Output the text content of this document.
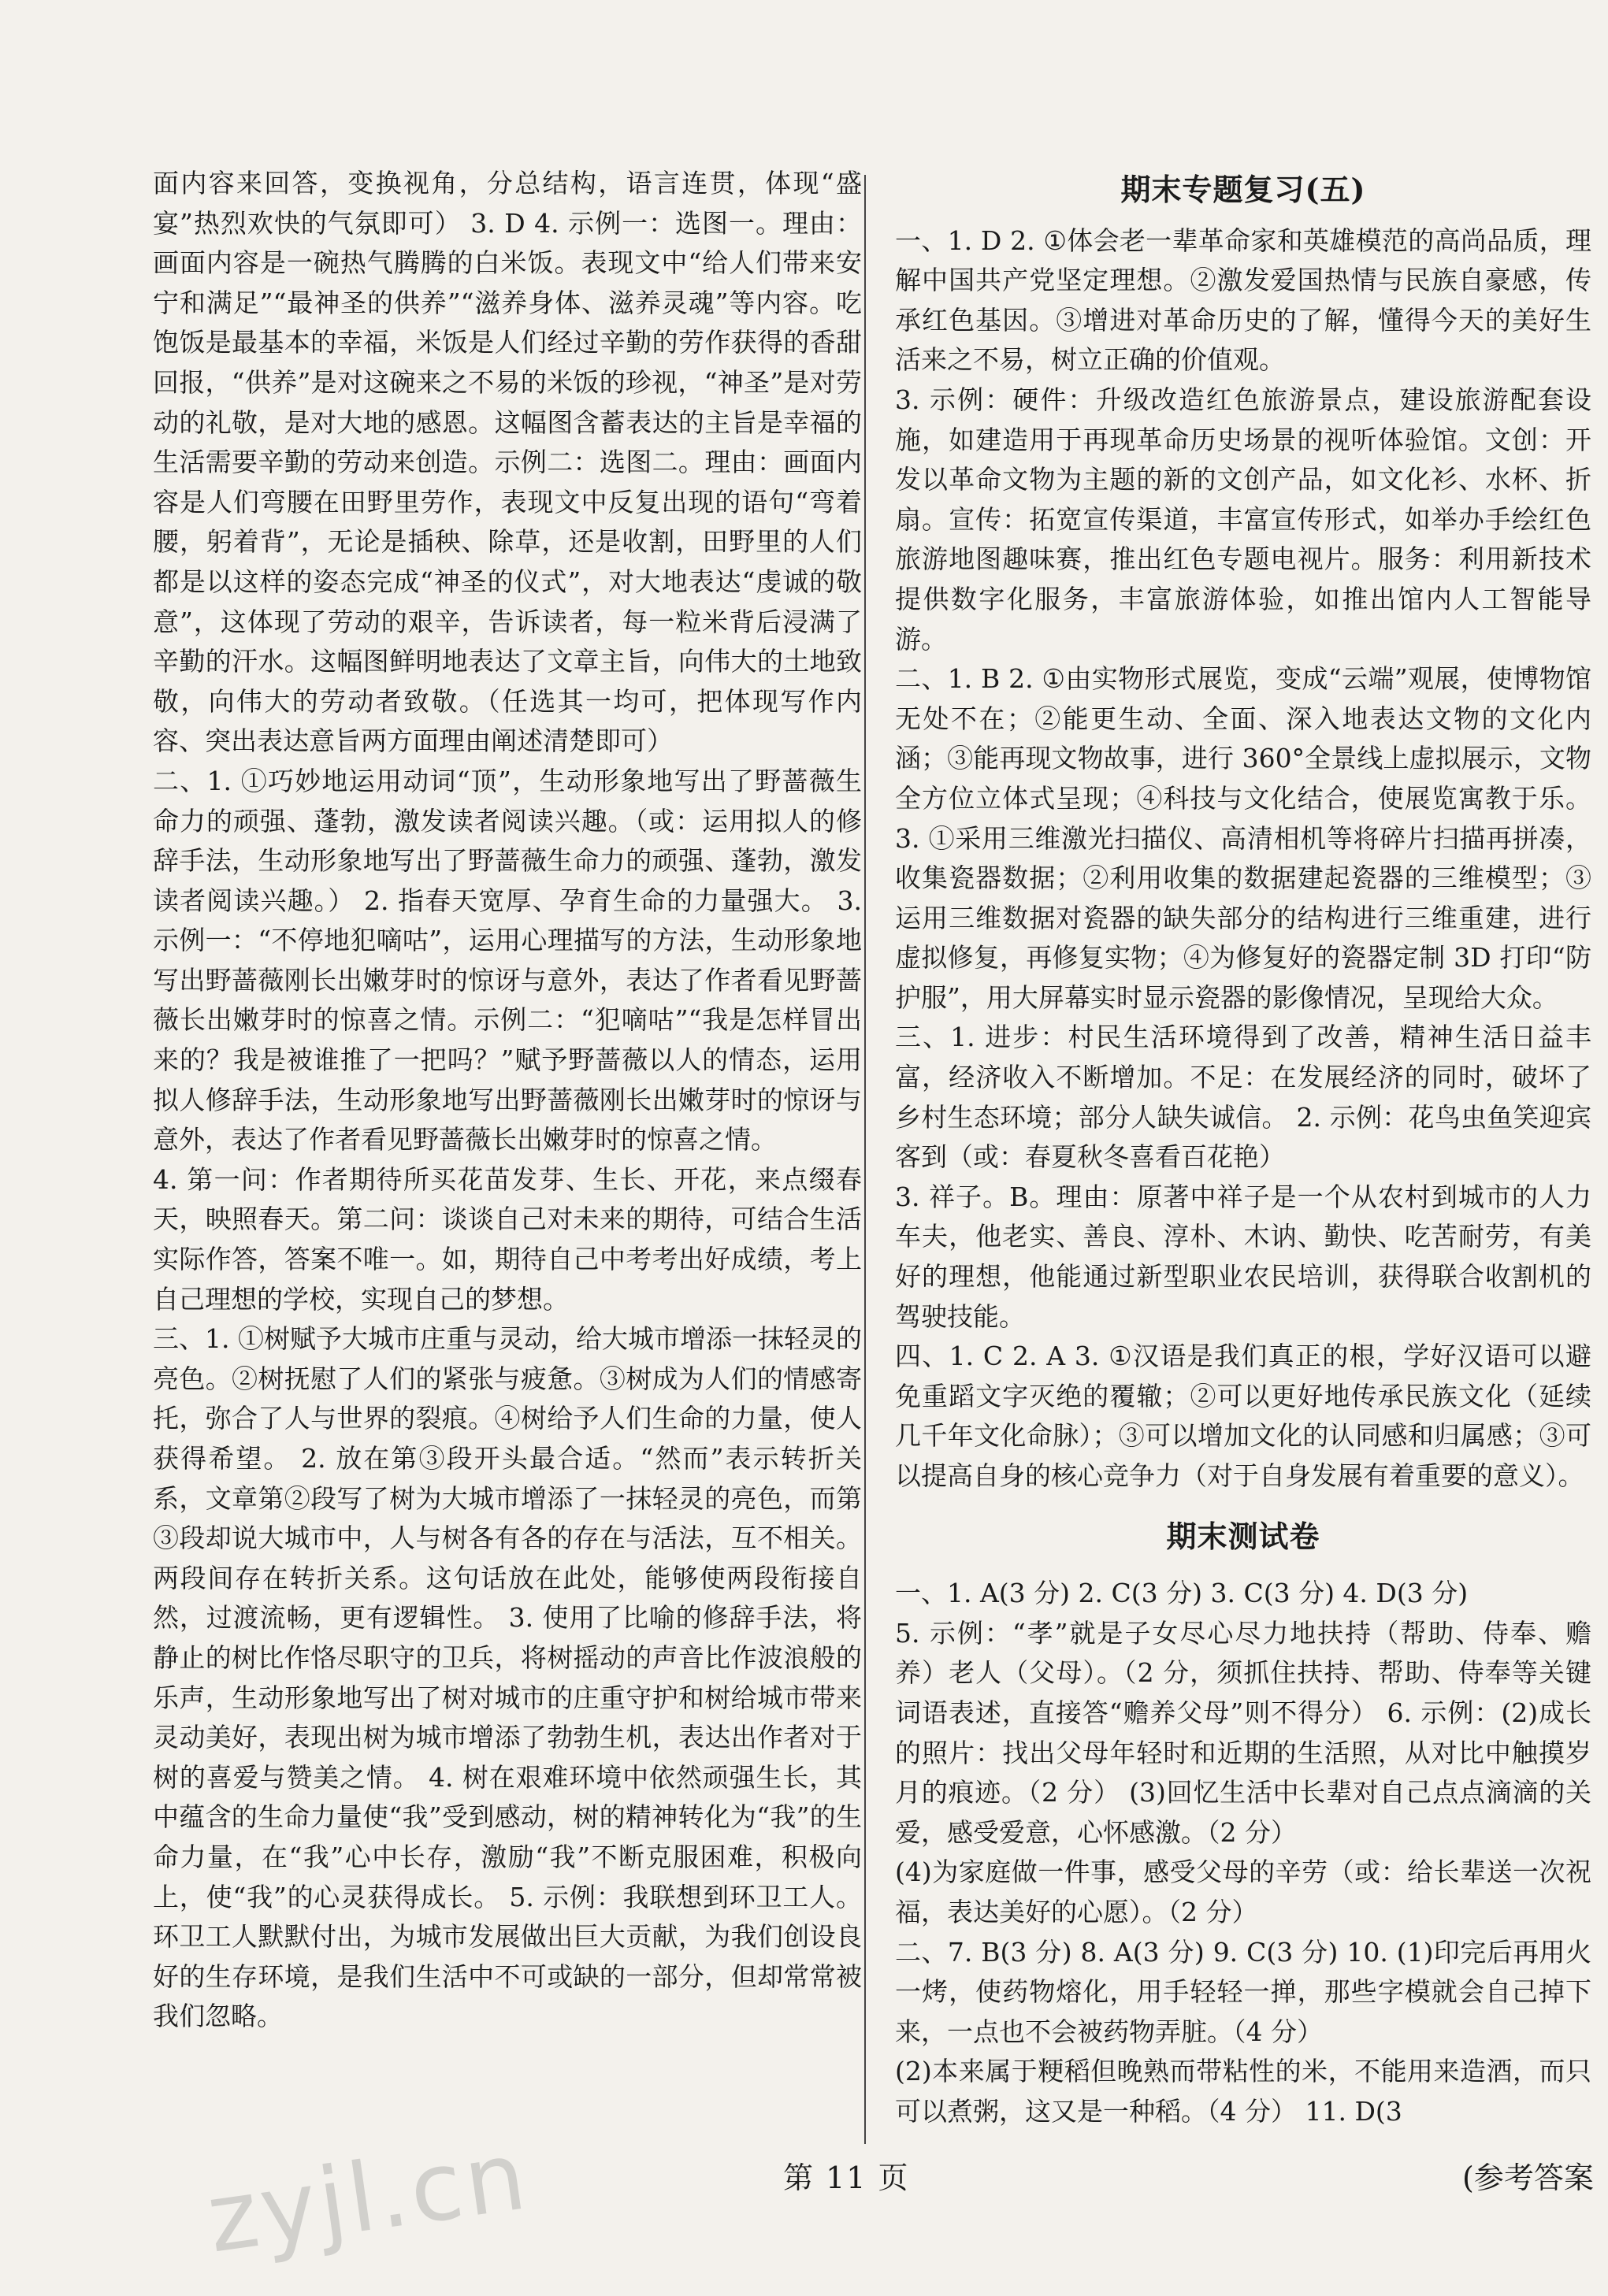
面内容来回答，变换视角，分总结构，语言连贯，体现“盛宴”热烈欢快的气氛即可） 3. D 4. 示例一：选图一。理由：画面内容是一碗热气腾腾的白米饭。表现文中“给人们带来安宁和满足”“最神圣的供养”“滋养身体、滋养灵魂”等内容。吃饱饭是最基本的幸福，米饭是人们经过辛勤的劳作获得的香甜回报，“供养”是对这碗来之不易的米饭的珍视，“神圣”是对劳动的礼敬，是对大地的感恩。这幅图含蓄表达的主旨是幸福的生活需要辛勤的劳动来创造。示例二：选图二。理由：画面内容是人们弯腰在田野里劳作，表现文中反复出现的语句“弯着腰，躬着背”，无论是插秧、除草，还是收割，田野里的人们都是以这样的姿态完成“神圣的仪式”，对大地表达“虔诚的敬意”，这体现了劳动的艰辛，告诉读者，每一粒米背后浸满了辛勤的汗水。这幅图鲜明地表达了文章主旨，向伟大的土地致敬，向伟大的劳动者致敬。（任选其一均可，把体现写作内容、突出表达意旨两方面理由阐述清楚即可）

二、1. ①巧妙地运用动词“顶”，生动形象地写出了野蔷薇生命力的顽强、蓬勃，激发读者阅读兴趣。（或：运用拟人的修辞手法，生动形象地写出了野蔷薇生命力的顽强、蓬勃，激发读者阅读兴趣。） 2. 指春天宽厚、孕育生命的力量强大。 3. 示例一：“不停地犯嘀咕”，运用心理描写的方法，生动形象地写出野蔷薇刚长出嫩芽时的惊讶与意外，表达了作者看见野蔷薇长出嫩芽时的惊喜之情。示例二：“犯嘀咕”“我是怎样冒出来的？我是被谁推了一把吗？”赋予野蔷薇以人的情态，运用拟人修辞手法，生动形象地写出野蔷薇刚长出嫩芽时的惊讶与意外，表达了作者看见野蔷薇长出嫩芽时的惊喜之情。

4. 第一问：作者期待所买花苗发芽、生长、开花，来点缀春天，映照春天。第二问：谈谈自己对未来的期待，可结合生活实际作答，答案不唯一。如，期待自己中考考出好成绩，考上自己理想的学校，实现自己的梦想。

三、1. ①树赋予大城市庄重与灵动，给大城市增添一抹轻灵的亮色。②树抚慰了人们的紧张与疲惫。③树成为人们的情感寄托，弥合了人与世界的裂痕。④树给予人们生命的力量，使人获得希望。 2. 放在第③段开头最合适。“然而”表示转折关系，文章第②段写了树为大城市增添了一抹轻灵的亮色，而第③段却说大城市中，人与树各有各的存在与活法，互不相关。两段间存在转折关系。这句话放在此处，能够使两段衔接自然，过渡流畅，更有逻辑性。 3. 使用了比喻的修辞手法，将静止的树比作恪尽职守的卫兵，将树摇动的声音比作波浪般的乐声，生动形象地写出了树对城市的庄重守护和树给城市带来灵动美好，表现出树为城市增添了勃勃生机，表达出作者对于树的喜爱与赞美之情。 4. 树在艰难环境中依然顽强生长，其中蕴含的生命力量使“我”受到感动，树的精神转化为“我”的生命力量，在“我”心中长存，激励“我”不断克服困难，积极向上，使“我”的心灵获得成长。 5. 示例：我联想到环卫工人。环卫工人默默付出，为城市发展做出巨大贡献，为我们创设良好的生存环境，是我们生活中不可或缺的一部分，但却常常被我们忽略。

期末专题复习(五)

一、1. D 2. ①体会老一辈革命家和英雄模范的高尚品质，理解中国共产党坚定理想。②激发爱国热情与民族自豪感，传承红色基因。③增进对革命历史的了解，懂得今天的美好生活来之不易，树立正确的价值观。

3. 示例：硬件：升级改造红色旅游景点，建设旅游配套设施，如建造用于再现革命历史场景的视听体验馆。文创：开发以革命文物为主题的新的文创产品，如文化衫、水杯、折扇。宣传：拓宽宣传渠道，丰富宣传形式，如举办手绘红色旅游地图趣味赛，推出红色专题电视片。服务：利用新技术提供数字化服务，丰富旅游体验，如推出馆内人工智能导游。

二、1. B 2. ①由实物形式展览，变成“云端”观展，使博物馆无处不在；②能更生动、全面、深入地表达文物的文化内涵；③能再现文物故事，进行 360°全景线上虚拟展示，文物全方位立体式呈现；④科技与文化结合，使展览寓教于乐。 3. ①采用三维激光扫描仪、高清相机等将碎片扫描再拼凑，收集瓷器数据；②利用收集的数据建起瓷器的三维模型；③运用三维数据对瓷器的缺失部分的结构进行三维重建，进行虚拟修复，再修复实物；④为修复好的瓷器定制 3D 打印“防护服”，用大屏幕实时显示瓷器的影像情况，呈现给大众。

三、1. 进步：村民生活环境得到了改善，精神生活日益丰富，经济收入不断增加。不足：在发展经济的同时，破坏了乡村生态环境；部分人缺失诚信。 2. 示例：花鸟虫鱼笑迎宾客到（或：春夏秋冬喜看百花艳）

3. 祥子。B。理由：原著中祥子是一个从农村到城市的人力车夫，他老实、善良、淳朴、木讷、勤快、吃苦耐劳，有美好的理想，他能通过新型职业农民培训，获得联合收割机的驾驶技能。

四、1. C 2. A 3. ①汉语是我们真正的根，学好汉语可以避免重蹈文字灭绝的覆辙；②可以更好地传承民族文化（延续几千年文化命脉）；③可以增加文化的认同感和归属感；③可以提高自身的核心竞争力（对于自身发展有着重要的意义）。

期末测试卷

一、1. A(3 分) 2. C(3 分) 3. C(3 分) 4. D(3 分)

5. 示例：“孝”就是子女尽心尽力地扶持（帮助、侍奉、赡养）老人（父母）。（2 分，须抓住扶持、帮助、侍奉等关键词语表述，直接答“赡养父母”则不得分） 6. 示例：(2)成长的照片：找出父母年轻时和近期的生活照，从对比中触摸岁月的痕迹。（2 分） (3)回忆生活中长辈对自己点点滴滴的关爱，感受爱意，心怀感激。（2 分）

(4)为家庭做一件事，感受父母的辛劳（或：给长辈送一次祝福，表达美好的心愿）。（2 分）

二、7. B(3 分) 8. A(3 分) 9. C(3 分) 10. (1)印完后再用火一烤，使药物熔化，用手轻轻一掸，那些字模就会自己掉下来，一点也不会被药物弄脏。（4 分）

(2)本来属于粳稻但晚熟而带粘性的米，不能用来造酒，而只可以煮粥，这又是一种稻。（4 分） 11. D(3

第 11 页	(参考答案
zyjl.cn
